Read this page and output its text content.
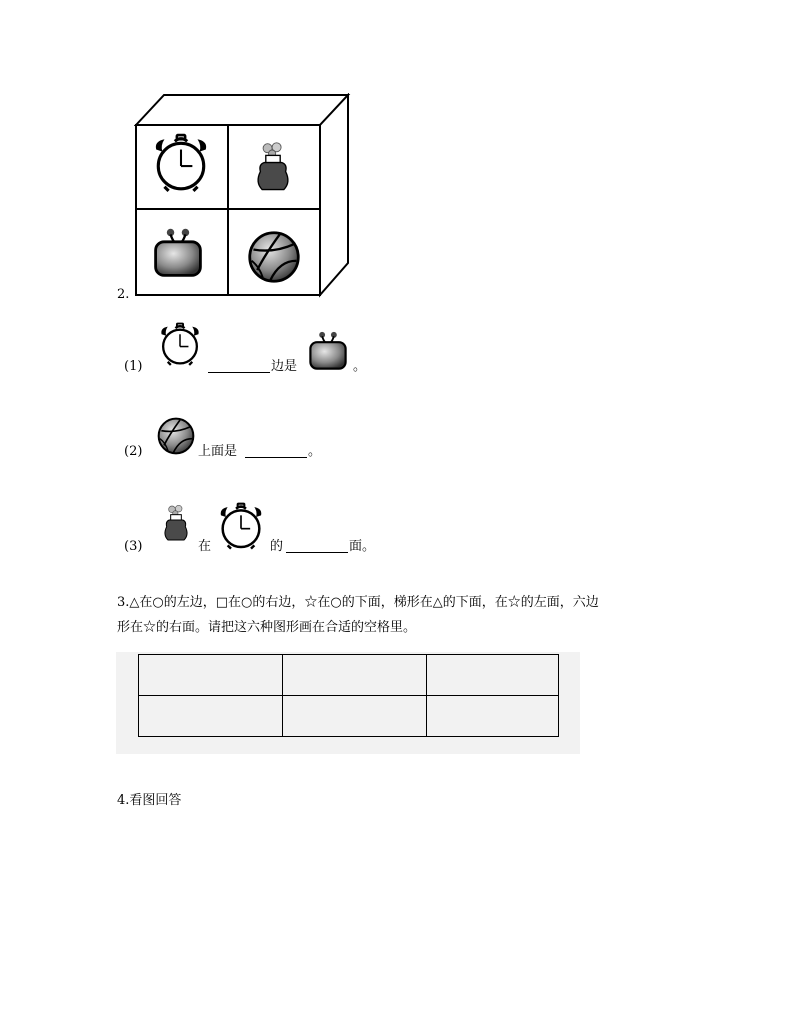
2.
(1)	边是	。
(2)	上面是	。
(3)	在	的	面。
3.△在○的左边，□在○的右边，☆在○的下面，梯形在△的下面，在☆的左面，六边
形在☆的右面。请把这六种图形画在合适的空格里。

4.看图回答
